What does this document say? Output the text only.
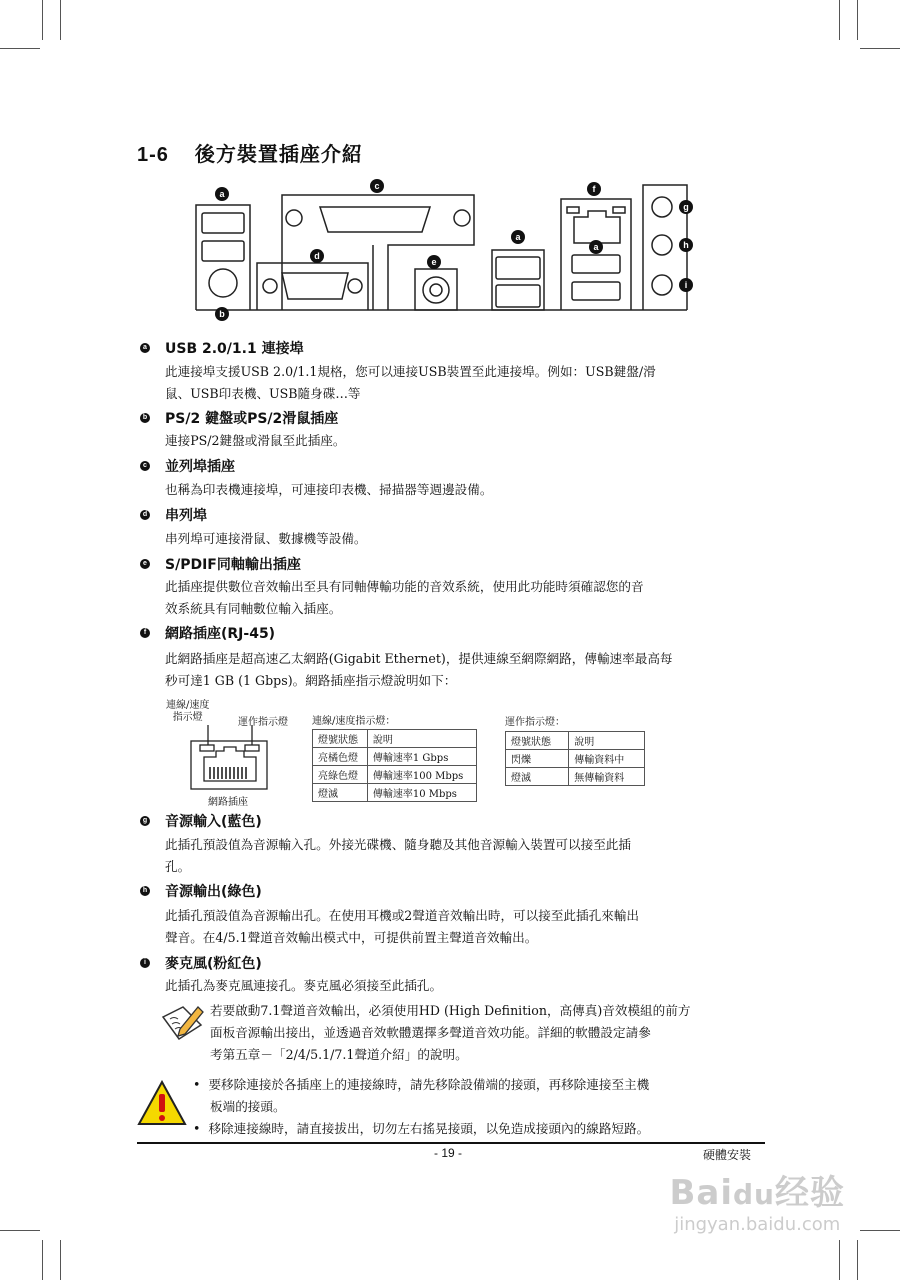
1-6 後方裝置插座介紹
a
b
c
d
e
f
a
a
g
h
i
a USB 2.0/1.1 連接埠
此連接埠支援USB 2.0/1.1規格，您可以連接USB裝置至此連接埠。例如：USB鍵盤/滑
鼠、USB印表機、USB隨身碟…等
b PS/2 鍵盤或PS/2滑鼠插座
連接PS/2鍵盤或滑鼠至此插座。
c 並列埠插座
也稱為印表機連接埠，可連接印表機、掃描器等週邊設備。
d 串列埠
串列埠可連接滑鼠、數據機等設備。
e S/PDIF同軸輸出插座
此插座提供數位音效輸出至具有同軸傳輸功能的音效系統，使用此功能時須確認您的音
效系統具有同軸數位輸入插座。
f 網路插座(RJ-45)
此網路插座是超高速乙太網路(Gigabit Ethernet)，提供連線至網際網路，傳輸速率最高每
秒可達1 GB (1 Gbps)。網路插座指示燈說明如下：
g 音源輸入(藍色)
此插孔預設值為音源輸入孔。外接光碟機、隨身聽及其他音源輸入裝置可以接至此插
孔。
h 音源輸出(綠色)
此插孔預設值為音源輸出孔。在使用耳機或2聲道音效輸出時，可以接至此插孔來輸出
聲音。在4/5.1聲道音效輸出模式中，可提供前置主聲道音效輸出。
i 麥克風(粉紅色)
此插孔為麥克風連接孔。麥克風必須接至此插孔。
連線/速度
指示燈	運作指示燈
網路插座
連線/速度指示燈：
燈號狀態	說明
亮橘色燈	傳輸速率1 Gbps
亮綠色燈	傳輸速率100 Mbps
燈滅	傳輸速率10 Mbps
運作指示燈：
燈號狀態	說明
閃爍	傳輸資料中
燈滅	無傳輸資料
若要啟動7.1聲道音效輸出，必須使用HD (High Definition，高傳真)音效模組的前方
面板音源輸出接出，並透過音效軟體選擇多聲道音效功能。詳細的軟體設定請參
考第五章－「2/4/5.1/7.1聲道介紹」的說明。
•  要移除連接於各插座上的連接線時，請先移除設備端的接頭，再移除連接至主機
板端的接頭。
•  移除連接線時，請直接拔出，切勿左右搖晃接頭，以免造成接頭內的線路短路。
- 19 -	硬體安裝
Baidu经验
jingyan.baidu.com
